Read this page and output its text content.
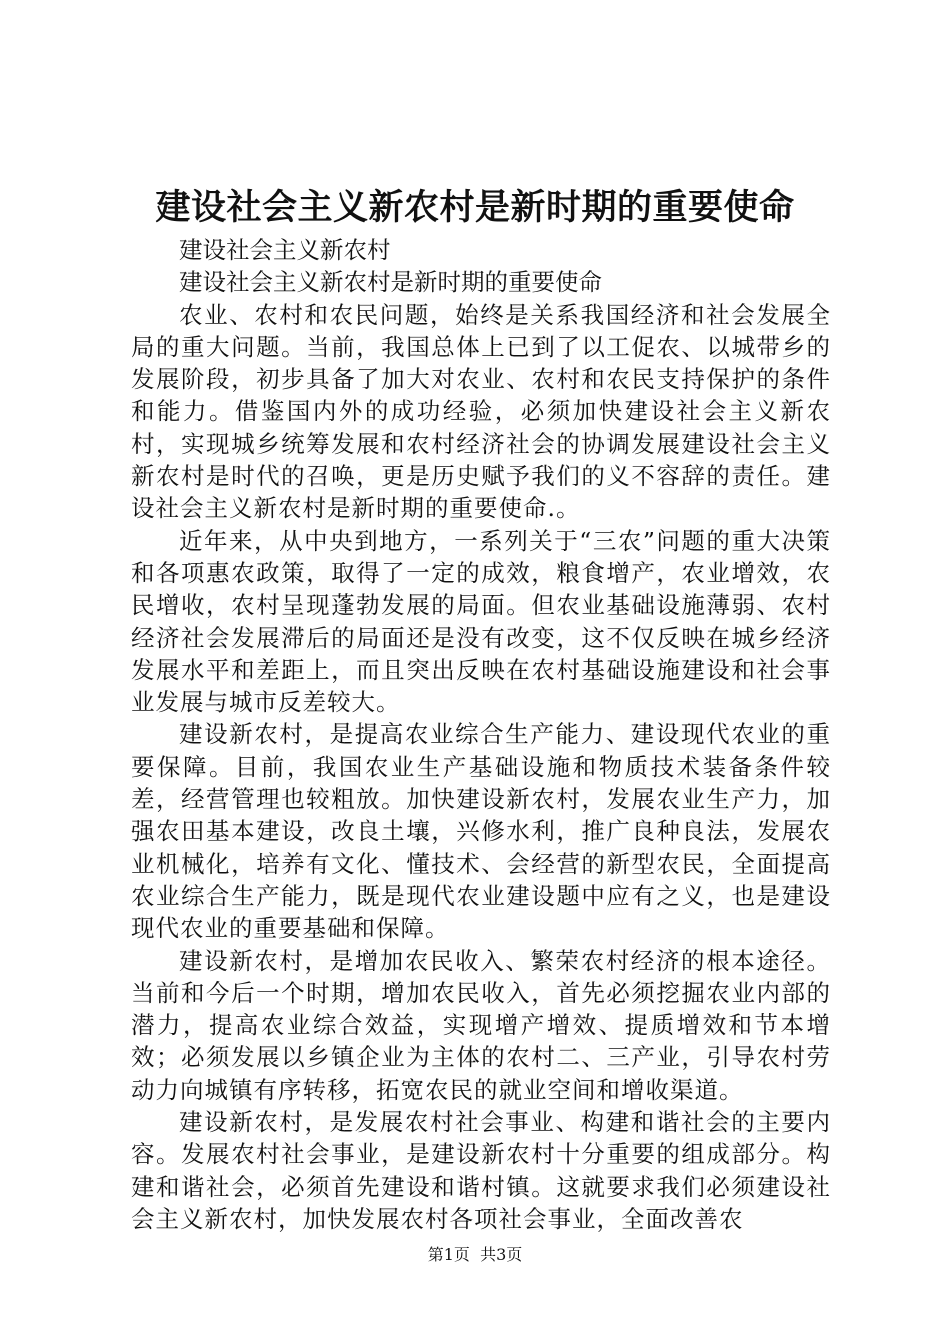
建设社会主义新农村是新时期的重要使命

建设社会主义新农村

建设社会主义新农村是新时期的重要使命

农业、农村和农民问题，始终是关系我国经济和社会发展全局的重大问题。当前，我国总体上已到了以工促农、以城带乡的发展阶段，初步具备了加大对农业、农村和农民支持保护的条件和能力。借鉴国内外的成功经验，必须加快建设社会主义新农村，实现城乡统筹发展和农村经济社会的协调发展建设社会主义新农村是时代的召唤，更是历史赋予我们的义不容辞的责任。建设社会主义新农村是新时期的重要使命.。

近年来，从中央到地方，一系列关于“三农”问题的重大决策和各项惠农政策，取得了一定的成效，粮食增产，农业增效，农民增收，农村呈现蓬勃发展的局面。但农业基础设施薄弱、农村经济社会发展滞后的局面还是没有改变，这不仅反映在城乡经济发展水平和差距上，而且突出反映在农村基础设施建设和社会事业发展与城市反差较大。

建设新农村，是提高农业综合生产能力、建设现代农业的重要保障。目前，我国农业生产基础设施和物质技术装备条件较差，经营管理也较粗放。加快建设新农村，发展农业生产力，加强农田基本建设，改良土壤，兴修水利，推广良种良法，发展农业机械化，培养有文化、懂技术、会经营的新型农民，全面提高农业综合生产能力，既是现代农业建设题中应有之义，也是建设现代农业的重要基础和保障。

建设新农村，是增加农民收入、繁荣农村经济的根本途径。当前和今后一个时期，增加农民收入，首先必须挖掘农业内部的潜力，提高农业综合效益，实现增产增效、提质增效和节本增效；必须发展以乡镇企业为主体的农村二、三产业，引导农村劳动力向城镇有序转移，拓宽农民的就业空间和增收渠道。

建设新农村，是发展农村社会事业、构建和谐社会的主要内容。发展农村社会事业，是建设新农村十分重要的组成部分。构建和谐社会，必须首先建设和谐村镇。这就要求我们必须建设社会主义新农村，加快发展农村各项社会事业，全面改善农

第1页  共3页
